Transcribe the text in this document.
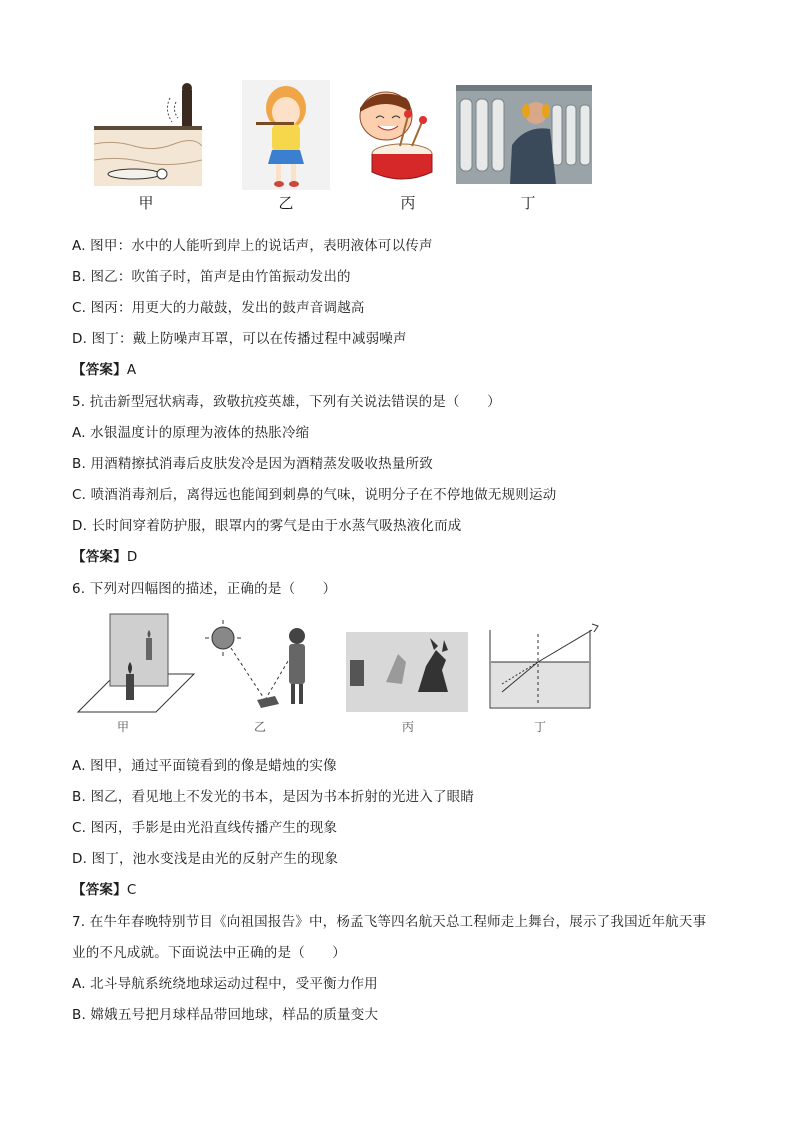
甲	乙	丙	丁
A. 图甲：水中的人能听到岸上的说话声，表明液体可以传声
B. 图乙：吹笛子时，笛声是由竹笛振动发出的
C. 图丙：用更大的力敲鼓，发出的鼓声音调越高
D. 图丁：戴上防噪声耳罩，可以在传播过程中减弱噪声
【答案】A
5. 抗击新型冠状病毒，致敬抗疫英雄，下列有关说法错误的是（　　）
A. 水银温度计的原理为液体的热胀冷缩
B. 用酒精擦拭消毒后皮肤发冷是因为酒精蒸发吸收热量所致
C. 喷酒消毒剂后，离得远也能闻到刺鼻的气味，说明分子在不停地做无规则运动
D. 长时间穿着防护服，眼罩内的雾气是由于水蒸气吸热液化而成
【答案】D
6. 下列对四幅图的描述，正确的是（　　）
甲	乙	丙	丁
A. 图甲，通过平面镜看到的像是蜡烛的实像
B. 图乙，看见地上不发光的书本，是因为书本折射的光进入了眼睛
C. 图丙，手影是由光沿直线传播产生的现象
D. 图丁，池水变浅是由光的反射产生的现象
【答案】C
7. 在牛年春晚特别节目《向祖国报告》中，杨孟飞等四名航天总工程师走上舞台，展示了我国近年航天事
业的不凡成就。下面说法中正确的是（　　）
A. 北斗导航系统绕地球运动过程中，受平衡力作用
B. 嫦娥五号把月球样品带回地球，样品的质量变大
